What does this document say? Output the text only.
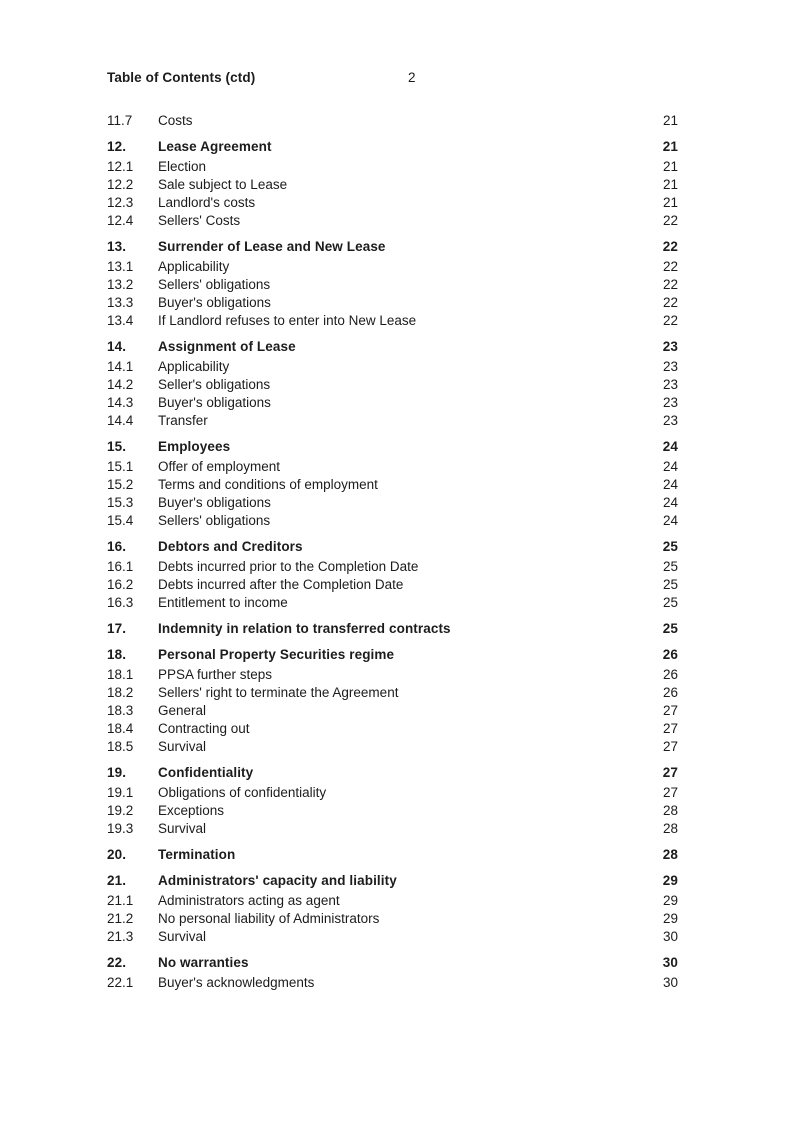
Table of Contents (ctd)	2
11.7	Costs	21
12.	Lease Agreement	21
12.1	Election	21
12.2	Sale subject to Lease	21
12.3	Landlord's costs	21
12.4	Sellers' Costs	22
13.	Surrender of Lease and New Lease	22
13.1	Applicability	22
13.2	Sellers' obligations	22
13.3	Buyer's obligations	22
13.4	If Landlord refuses to enter into New Lease	22
14.	Assignment of Lease	23
14.1	Applicability	23
14.2	Seller's obligations	23
14.3	Buyer's obligations	23
14.4	Transfer	23
15.	Employees	24
15.1	Offer of employment	24
15.2	Terms and conditions of employment	24
15.3	Buyer's obligations	24
15.4	Sellers' obligations	24
16.	Debtors and Creditors	25
16.1	Debts incurred prior to the Completion Date	25
16.2	Debts incurred after the Completion Date	25
16.3	Entitlement to income	25
17.	Indemnity in relation to transferred contracts	25
18.	Personal Property Securities regime	26
18.1	PPSA further steps	26
18.2	Sellers' right to terminate the Agreement	26
18.3	General	27
18.4	Contracting out	27
18.5	Survival	27
19.	Confidentiality	27
19.1	Obligations of confidentiality	27
19.2	Exceptions	28
19.3	Survival	28
20.	Termination	28
21.	Administrators' capacity and liability	29
21.1	Administrators acting as agent	29
21.2	No personal liability of Administrators	29
21.3	Survival	30
22.	No warranties	30
22.1	Buyer's acknowledgments	30
